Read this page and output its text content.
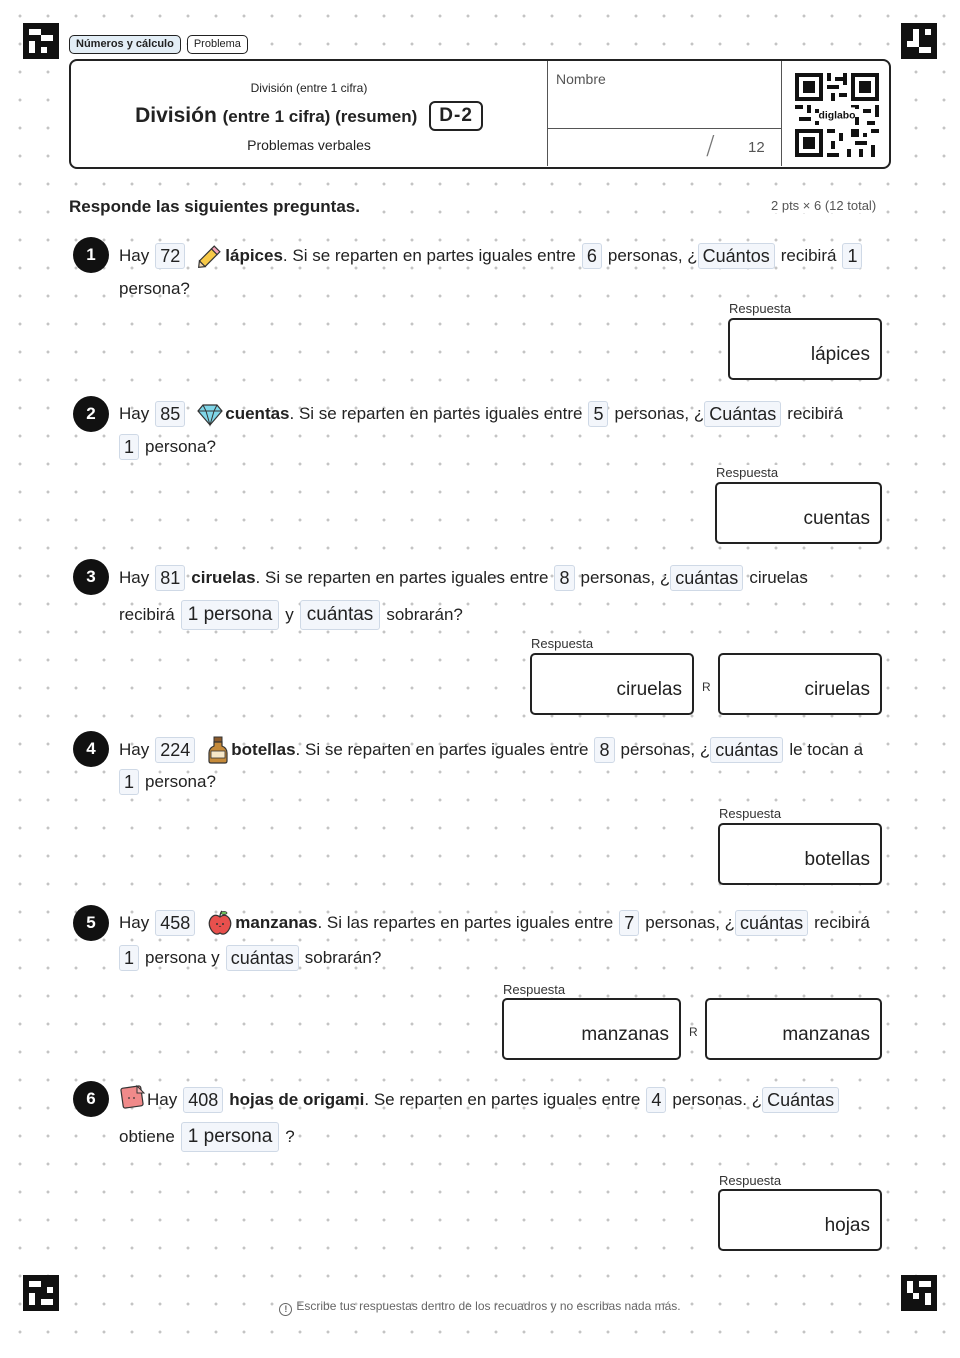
Números y cálculo	Problema
División (entre 1 cifra)
División (entre 1 cifra) (resumen)	D-2
Problemas verbales
Nombre
/ 12
diglabo
Responde las siguientes preguntas.	2 pts × 6 (12 total)
1	Hay 72	lápices . Si se reparten en partes iguales entre 6 personas, ¿ Cuántos recibirá 1
persona?
Respuesta
lápices
2	Hay 85	cuentas . Si se reparten en partes iguales entre 5 personas, ¿ Cuántas recibirá
1 persona?
Respuesta
cuentas
3	Hay 81 ciruelas . Si se reparten en partes iguales entre 8 personas, ¿ cuántas ciruelas
recibirá 1 persona y cuántas sobrarán?
Respuesta
ciruelas	R	ciruelas
4	Hay 224 botellas . Si se reparten en partes iguales entre 8 personas, ¿ cuántas le tocan a
1 persona?
Respuesta
botellas
5	Hay 458	manzanas . Si las repartes en partes iguales entre 7 personas, ¿ cuántas recibirá
1 persona y cuántas sobrarán?
Respuesta
manzanas	R	manzanas
6	Hay 408 hojas de origami . Se reparten en partes iguales entre 4 personas. ¿ Cuántas
obtiene 1 persona ?
Respuesta
hojas
! Escribe tus respuestas dentro de los recuadros y no escribas nada más.
